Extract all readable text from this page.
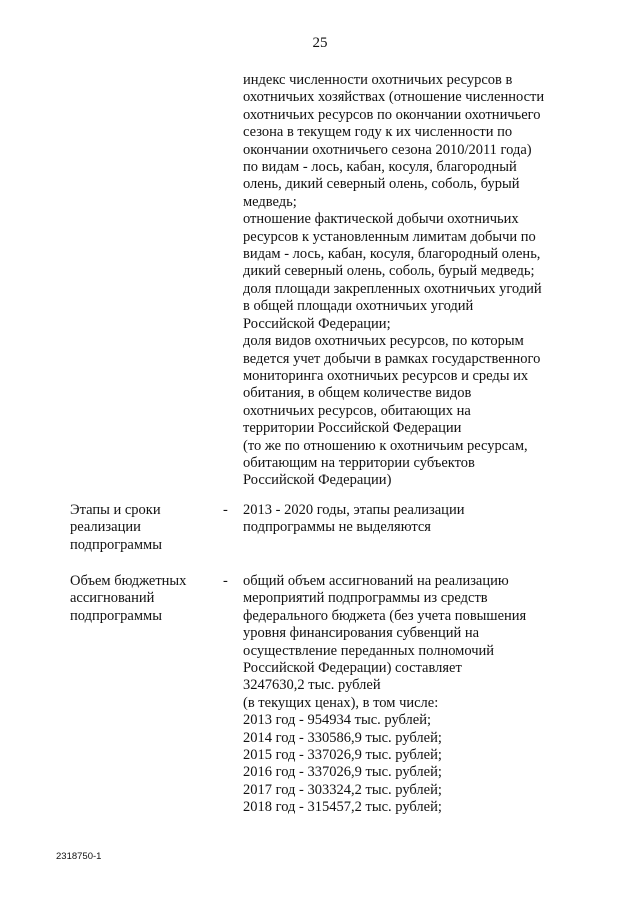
25
индекс численности охотничьих ресурсов в
охотничьих хозяйствах (отношение численности
охотничьих ресурсов по окончании охотничьего
сезона в текущем году к их численности по
окончании охотничьего сезона 2010/2011 года)
по видам - лось, кабан, косуля, благородный
олень, дикий северный олень, соболь, бурый
медведь;
отношение фактической добычи охотничьих
ресурсов к установленным лимитам добычи по
видам - лось, кабан, косуля, благородный олень,
дикий северный олень, соболь, бурый медведь;
доля площади закрепленных охотничьих угодий
в общей площади охотничьих угодий
Российской Федерации;
доля видов охотничьих ресурсов, по которым
ведется учет добычи в рамках государственного
мониторинга охотничьих ресурсов и среды их
обитания, в общем количестве видов
охотничьих ресурсов, обитающих на
территории Российской Федерации
(то же по отношению к охотничьим ресурсам,
обитающим на территории субъектов
Российской Федерации)
Этапы и сроки
реализации
подпрограммы
- 2013 - 2020 годы, этапы реализации
подпрограммы не выделяются
Объем бюджетных
ассигнований
подпрограммы
- общий объем ассигнований на реализацию
мероприятий подпрограммы из средств
федерального бюджета (без учета повышения
уровня финансирования субвенций на
осуществление переданных полномочий
Российской Федерации) составляет
3247630,2 тыс. рублей
(в текущих ценах), в том числе:
2013 год - 954934 тыс. рублей;
2014 год - 330586,9 тыс. рублей;
2015 год - 337026,9 тыс. рублей;
2016 год - 337026,9 тыс. рублей;
2017 год - 303324,2 тыс. рублей;
2018 год - 315457,2 тыс. рублей;
2318750-1
